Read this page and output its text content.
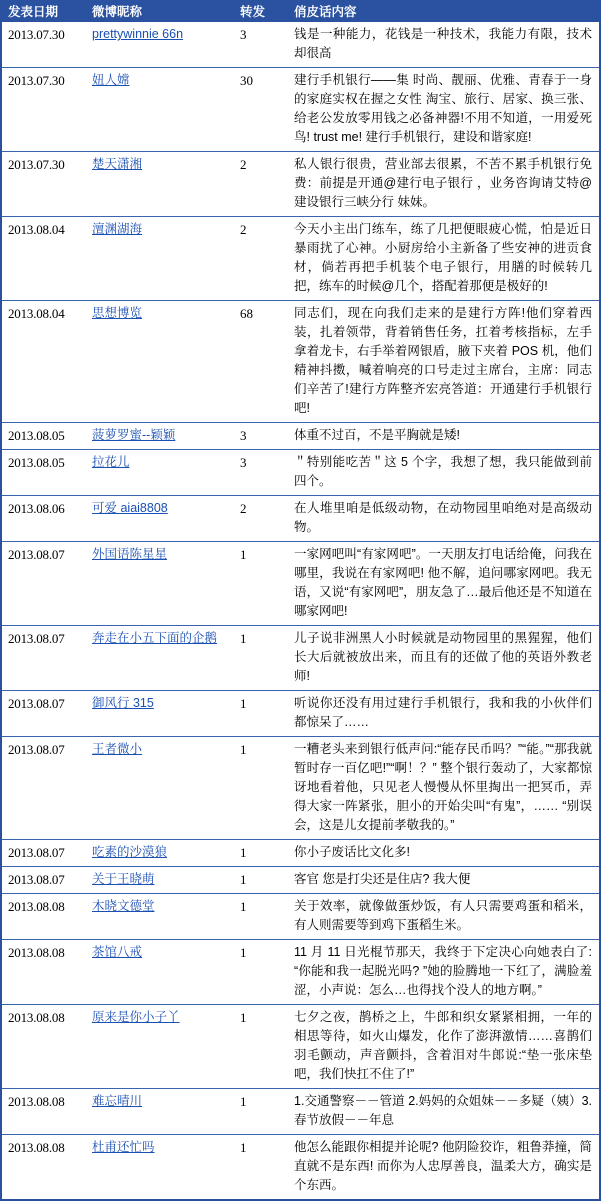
发表日期	微博昵称	转发	俏皮话内容
2013.07.30	prettywinnie 66n	3	钱是一种能力，花钱是一种技术，我能力有限，技术却很高
2013.07.30	妞人嫦	30	建行手机银行——集 时尚、靓丽、优雅、青春于一身的家庭实权在握之女性 淘宝、旅行、居家、换三张、给老公发放零用钱之必备神器!不用不知道，一用爱死鸟! trust me! 建行手机银行，建设和谐家庭!
2013.07.30	楚天潇湘	2	私人银行很贵，营业部去很累，不苦不累手机银行免费：前提是开通@建行电子银行 ，业务咨询请艾特@建设银行三峡分行 妹妹。
2013.08.04	澶渊湖海	2	今天小主出门练车，练了几把便眼疲心慌，怕是近日暴雨扰了心神。小厨房给小主新备了些安神的进贡食材，倘若再把手机装个电子银行，用膳的时候转几把，练车的时候@几个，搭配着那便是极好的!
2013.08.04	思想博览	68	同志们，现在向我们走来的是建行方阵!他们穿着西装，扎着领带，背着销售任务，扛着考核指标，左手拿着龙卡，右手举着网银盾，腋下夹着 POS 机，他们精神抖擞，喊着响亮的口号走过主席台，主席：同志们辛苦了!建行方阵整齐宏亮答道：开通建行手机银行吧!
2013.08.05	菠萝罗蜜--颖颖	3	体重不过百，不是平胸就是矮!
2013.08.05	拉花儿	3	＂特别能吃苦＂这 5 个字，我想了想，我只能做到前四个。
2013.08.06	可爱 aiai8808	2	在人堆里咱是低级动物，在动物园里咱绝对是高级动物。
2013.08.07	外国语陈星星	1	一家网吧叫“有家网吧”。一天朋友打电话给俺，问我在哪里，我说在有家网吧! 他不解，追问哪家网吧。我无语，又说“有家网吧”，朋友急了…最后他还是不知道在哪家网吧!
2013.08.07	奔走在小五下面的企鹅	1	儿子说非洲黑人小时候就是动物园里的黑猩猩，他们长大后就被放出来，而且有的还做了他的英语外教老师!
2013.08.07	御风行 315	1	听说你还没有用过建行手机银行，我和我的小伙伴们都惊呆了……
2013.08.07	王者微小	1	一糟老头来到银行低声问:“能存民币吗？”“能。”“那我就暂时存一百亿吧!”“啊！？” 整个银行轰动了，大家都惊讶地看着他，只见老人慢慢从怀里掏出一把冥币，弄得大家一阵紧张，胆小的开始尖叫“有鬼”，…… “别误会，这是儿女提前孝敬我的。”
2013.08.07	吃素的沙漠狼	1	你小子废话比文化多!
2013.08.07	关于王晓萌	1	客官 您是打尖还是住店? 我大便
2013.08.08	木晓文德堂	1	关于效率，就像做蛋炒饭，有人只需要鸡蛋和稻米，有人则需要等到鸡下蛋稻生米。
2013.08.08	茶馆八戒	1	11 月 11 日光棍节那天，我终于下定决心向她表白了:“你能和我一起脱光吗? ”她的脸腾地一下红了，满脸羞涩，小声说：怎么…也得找个没人的地方啊。”
2013.08.08	原来是你小子丫	1	七夕之夜，鹊桥之上，牛郎和织女紧紧相拥，一年的相思等待，如火山爆发，化作了澎湃激情……喜鹊们羽毛颤动，声音颤抖，含着泪对牛郎说:“垫一张床垫吧，我们快扛不住了!”
2013.08.08	难忘晴川	1	1.交通警察－－管道 2.妈妈的众姐妹－－多疑（姨）3.春节放假－－年息
2013.08.08	杜甫还忙吗	1	他怎么能跟你相提并论呢? 他阴险狡诈，粗鲁莽撞，简直就不是东西! 而你为人忠厚善良，温柔大方，确实是个东西。
